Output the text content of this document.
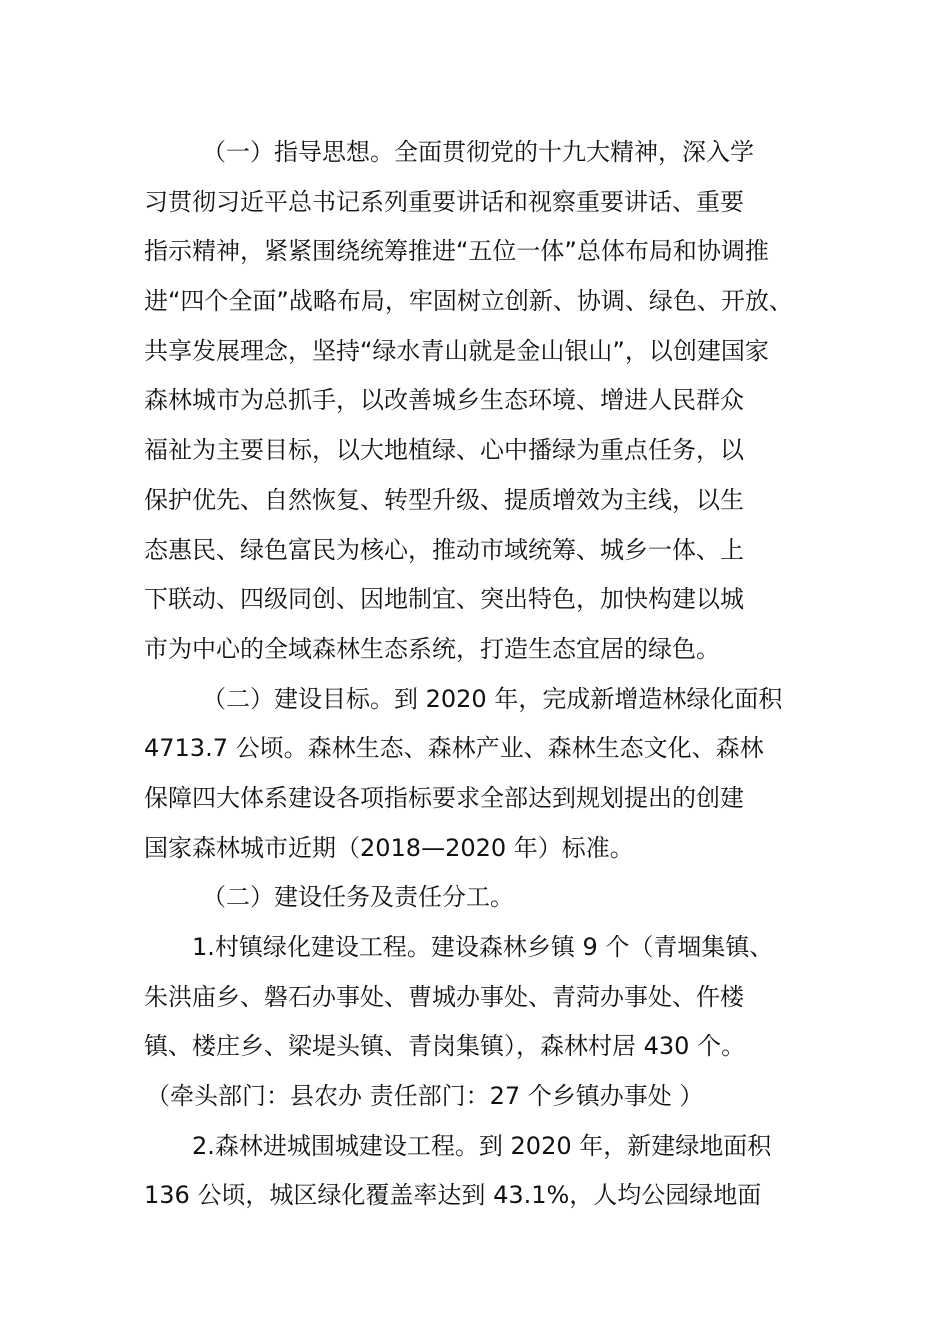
（一）指导思想。全面贯彻党的十九大精神，深入学
习贯彻习近平总书记系列重要讲话和视察重要讲话、重要
指示精神，紧紧围绕统筹推进“五位一体”总体布局和协调推
进“四个全面”战略布局，牢固树立创新、协调、绿色、开放、
共享发展理念，坚持“绿水青山就是金山银山”，以创建国家
森林城市为总抓手，以改善城乡生态环境、增进人民群众
福祉为主要目标，以大地植绿、心中播绿为重点任务，以
保护优先、自然恢复、转型升级、提质增效为主线，以生
态惠民、绿色富民为核心，推动市域统筹、城乡一体、上
下联动、四级同创、因地制宜、突出特色，加快构建以城
市为中心的全域森林生态系统，打造生态宜居的绿色。
（二）建设目标。到 2020 年，完成新增造林绿化面积
4713.7 公顷。森林生态、森林产业、森林生态文化、森林
保障四大体系建设各项指标要求全部达到规划提出的创建
国家森林城市近期（2018—2020 年）标准。
（二）建设任务及责任分工。
1.村镇绿化建设工程。建设森林乡镇 9 个（青堌集镇、
朱洪庙乡、磐石办事处、曹城办事处、青菏办事处、仵楼
镇、楼庄乡、梁堤头镇、青岗集镇），森林村居 430 个。
（牵头部门：县农办 责任部门：27 个乡镇办事处 ）
2.森林进城围城建设工程。到 2020 年，新建绿地面积
136 公顷，城区绿化覆盖率达到 43.1%，人均公园绿地面
